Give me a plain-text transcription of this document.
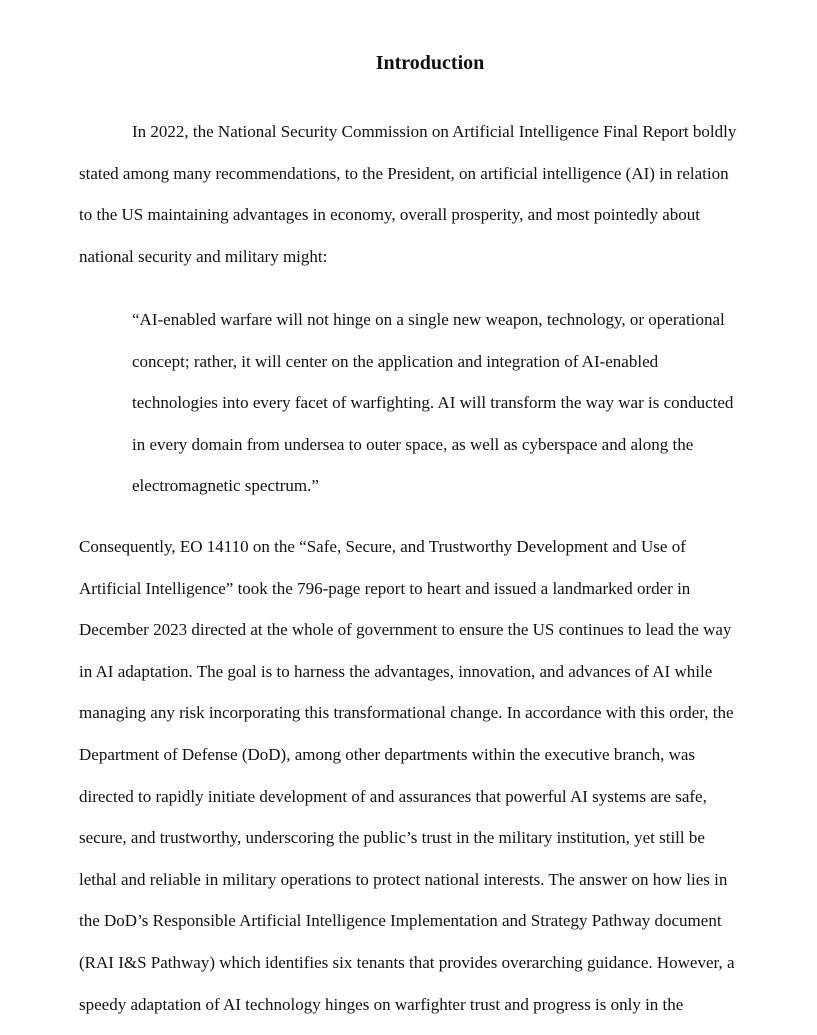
Introduction
In 2022, the National Security Commission on Artificial Intelligence Final Report boldly
stated among many recommendations, to the President, on artificial intelligence (AI) in relation
to the US maintaining advantages in economy, overall prosperity, and most pointedly about
national security and military might:
“AI-enabled warfare will not hinge on a single new weapon, technology, or operational
concept; rather, it will center on the application and integration of AI-enabled
technologies into every facet of warfighting. AI will transform the way war is conducted
in every domain from undersea to outer space, as well as cyberspace and along the
electromagnetic spectrum.”
Consequently, EO 14110 on the “Safe, Secure, and Trustworthy Development and Use of
Artificial Intelligence” took the 796-page report to heart and issued a landmarked order in
December 2023 directed at the whole of government to ensure the US continues to lead the way
in AI adaptation. The goal is to harness the advantages, innovation, and advances of AI while
managing any risk incorporating this transformational change. In accordance with this order, the
Department of Defense (DoD), among other departments within the executive branch, was
directed to rapidly initiate development of and assurances that powerful AI systems are safe,
secure, and trustworthy, underscoring the public’s trust in the military institution, yet still be
lethal and reliable in military operations to protect national interests. The answer on how lies in
the DoD’s Responsible Artificial Intelligence Implementation and Strategy Pathway document
(RAI I&S Pathway) which identifies six tenants that provides overarching guidance. However, a
speedy adaptation of AI technology hinges on warfighter trust and progress is only in the
